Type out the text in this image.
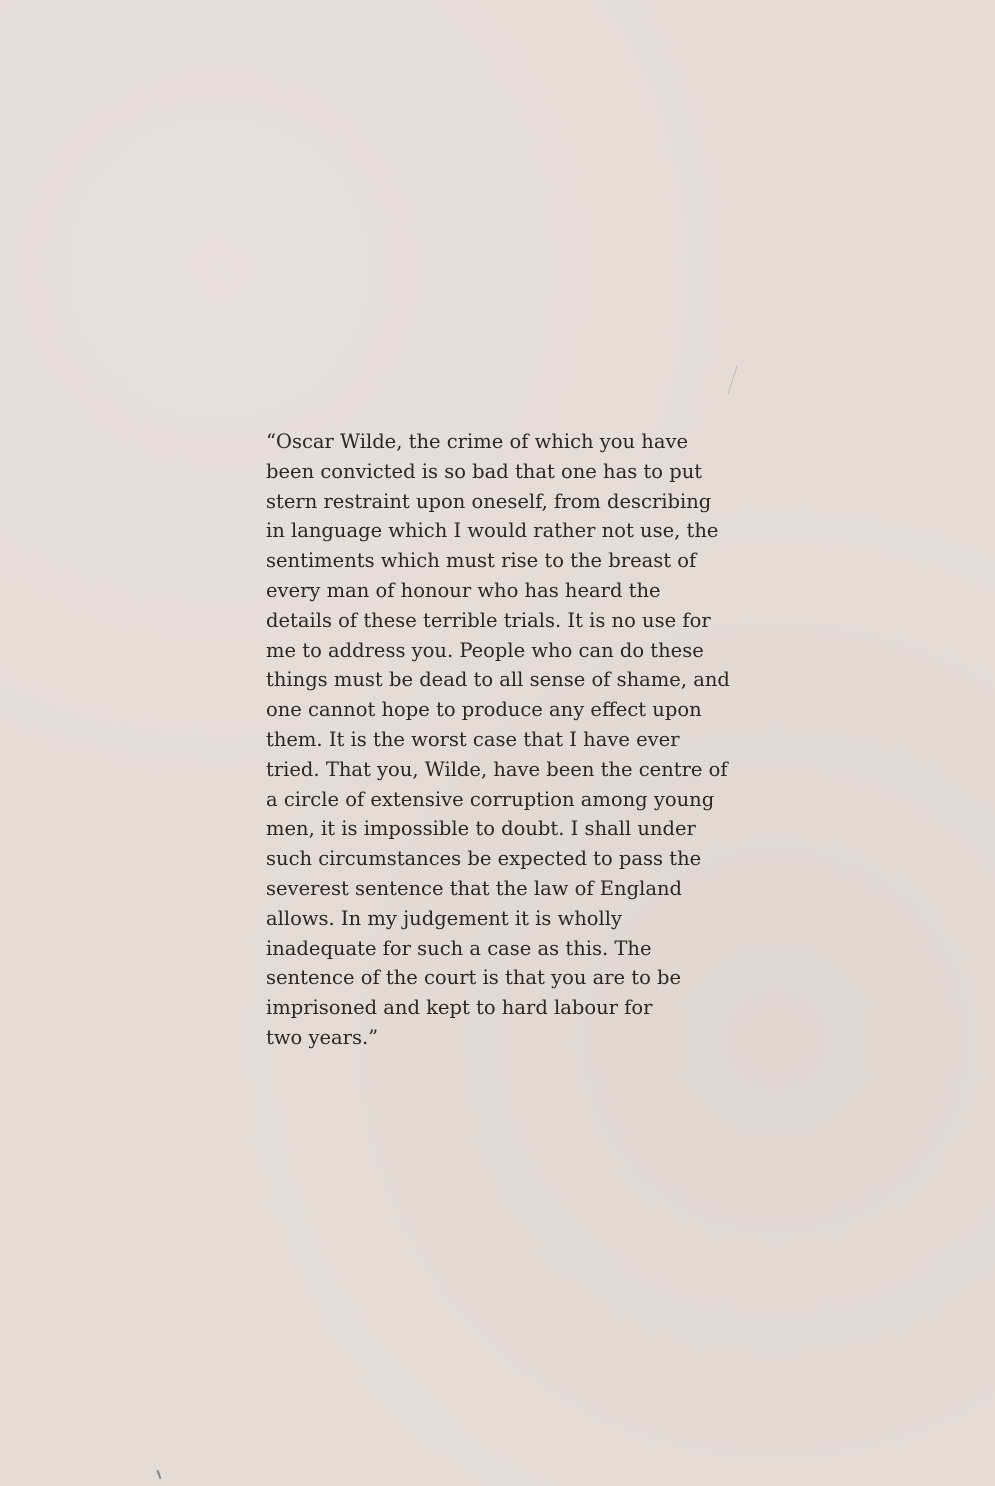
“Oscar Wilde, the crime of which you have
been convicted is so bad that one has to put
stern restraint upon oneself, from describing
in language which I would rather not use, the
sentiments which must rise to the breast of
every man of honour who has heard the
details of these terrible trials. It is no use for
me to address you. People who can do these
things must be dead to all sense of shame, and
one cannot hope to produce any effect upon
them. It is the worst case that I have ever
tried. That you, Wilde, have been the centre of
a circle of extensive corruption among young
men, it is impossible to doubt. I shall under
such circumstances be expected to pass the
severest sentence that the law of England
allows. In my judgement it is wholly
inadequate for such a case as this. The
sentence of the court is that you are to be
imprisoned and kept to hard labour for
two years.”
